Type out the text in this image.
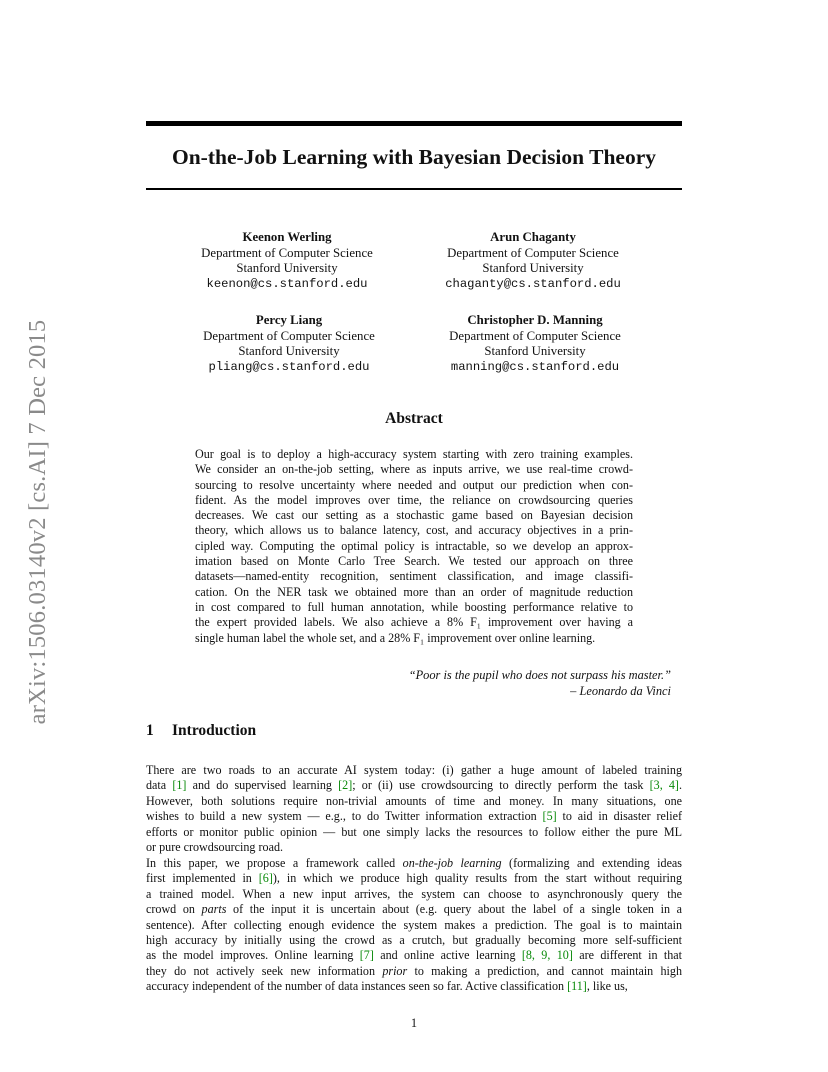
arXiv:1506.03140v2 [cs.AI] 7 Dec 2015
On-the-Job Learning with Bayesian Decision Theory
Keenon Werling
Department of Computer Science
Stanford University
keenon@cs.stanford.edu
Arun Chaganty
Department of Computer Science
Stanford University
chaganty@cs.stanford.edu
Percy Liang
Department of Computer Science
Stanford University
pliang@cs.stanford.edu
Christopher D. Manning
Department of Computer Science
Stanford University
manning@cs.stanford.edu
Abstract
Our goal is to deploy a high-accuracy system starting with zero training examples.
We consider an on-the-job setting, where as inputs arrive, we use real-time crowd-
sourcing to resolve uncertainty where needed and output our prediction when con-
fident. As the model improves over time, the reliance on crowdsourcing queries
decreases. We cast our setting as a stochastic game based on Bayesian decision
theory, which allows us to balance latency, cost, and accuracy objectives in a prin-
cipled way. Computing the optimal policy is intractable, so we develop an approx-
imation based on Monte Carlo Tree Search. We tested our approach on three
datasets—named-entity recognition, sentiment classification, and image classifi-
cation. On the NER task we obtained more than an order of magnitude reduction
in cost compared to full human annotation, while boosting performance relative to
the expert provided labels. We also achieve a 8% F₁ improvement over having a
single human label the whole set, and a 28% F₁ improvement over online learning.
“Poor is the pupil who does not surpass his master.”
– Leonardo da Vinci
1 Introduction
There are two roads to an accurate AI system today: (i) gather a huge amount of labeled training
data [1] and do supervised learning [2]; or (ii) use crowdsourcing to directly perform the task [3, 4].
However, both solutions require non-trivial amounts of time and money. In many situations, one
wishes to build a new system — e.g., to do Twitter information extraction [5] to aid in disaster relief
efforts or monitor public opinion — but one simply lacks the resources to follow either the pure ML
or pure crowdsourcing road.
In this paper, we propose a framework called on-the-job learning (formalizing and extending ideas
first implemented in [6]), in which we produce high quality results from the start without requiring
a trained model. When a new input arrives, the system can choose to asynchronously query the
crowd on parts of the input it is uncertain about (e.g. query about the label of a single token in a
sentence). After collecting enough evidence the system makes a prediction. The goal is to maintain
high accuracy by initially using the crowd as a crutch, but gradually becoming more self-sufficient
as the model improves. Online learning [7] and online active learning [8, 9, 10] are different in that
they do not actively seek new information prior to making a prediction, and cannot maintain high
accuracy independent of the number of data instances seen so far. Active classification [11], like us,
1
